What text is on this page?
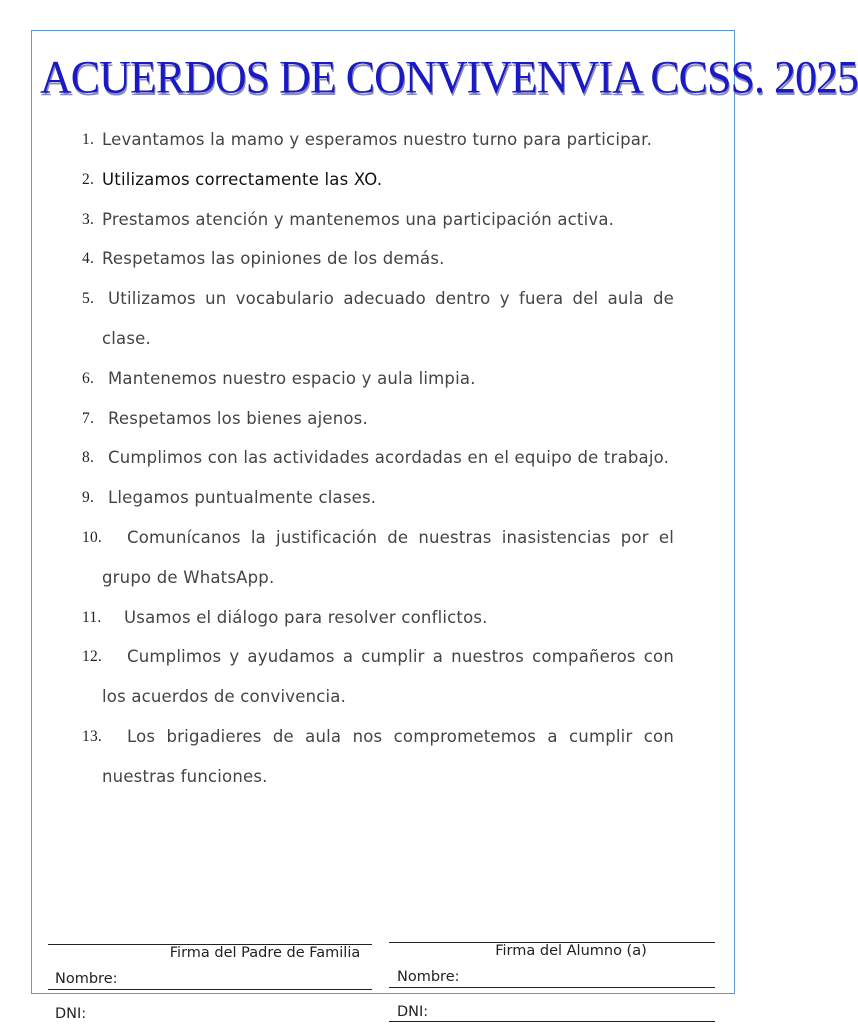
ACUERDOS DE CONVIVENVIA CCSS. 2025
1. Levantamos la mamo y esperamos nuestro turno para participar.
2. Utilizamos correctamente las XO.
3. Prestamos atención y mantenemos una participación activa.
4. Respetamos las opiniones de los demás.
5. Utilizamos un vocabulario adecuado dentro y fuera del aula de clase.
6. Mantenemos nuestro espacio y aula limpia.
7. Respetamos los bienes ajenos.
8. Cumplimos con las actividades acordadas en el equipo de trabajo.
9. Llegamos puntualmente clases.
10.	Comunícanos la justificación de nuestras inasistencias por el grupo de WhatsApp.
11.	Usamos el diálogo para resolver conflictos.
12.	Cumplimos y ayudamos a cumplir a nuestros compañeros con los acuerdos de convivencia.
13.	Los brigadieres de aula nos comprometemos a cumplir con nuestras funciones.
Firma del Padre de Familia
Nombre:
DNI:
Firma del Alumno (a)
Nombre:
DNI:
